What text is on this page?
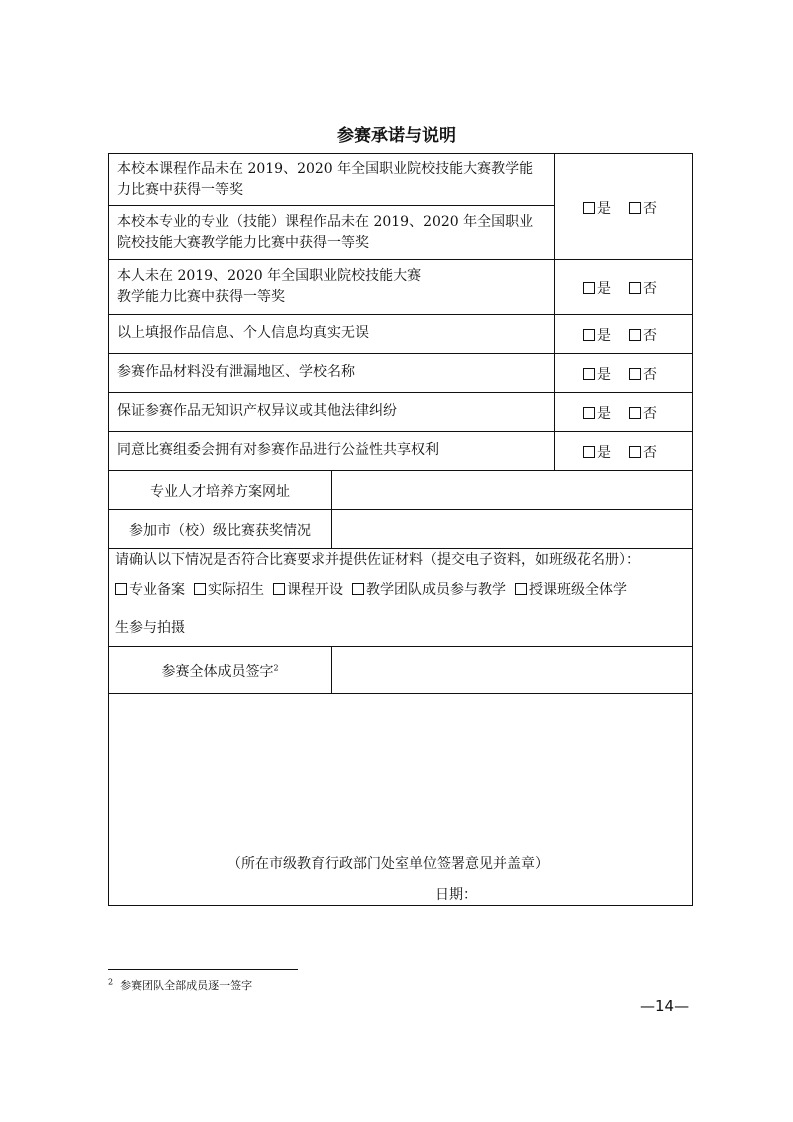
参赛承诺与说明
本校本课程作品未在 2019、2020 年全国职业院校技能大赛教学能力比赛中获得一等奖
本校本专业的专业（技能）课程作品未在 2019、2020 年全国职业院校技能大赛教学能力比赛中获得一等奖
是 否
本人未在 2019、2020 年全国职业院校技能大赛
教学能力比赛中获得一等奖	是 否
以上填报作品信息、个人信息均真实无误	是 否
参赛作品材料没有泄漏地区、学校名称	是 否
保证参赛作品无知识产权异议或其他法律纠纷	是 否
同意比赛组委会拥有对参赛作品进行公益性共享权利	是 否
专业人才培养方案网址
参加市（校）级比赛获奖情况
请确认以下情况是否符合比赛要求并提供佐证材料（提交电子资料，如班级花名册）：
专业备案 实际招生 课程开设 教学团队成员参与教学 授课班级全体学
生参与拍摄
参赛全体成员签字$^2$
（所在市级教育行政部门处室单位签署意见并盖章）
日期：
$^2$ 参赛团队全部成员逐一签字
—14—
